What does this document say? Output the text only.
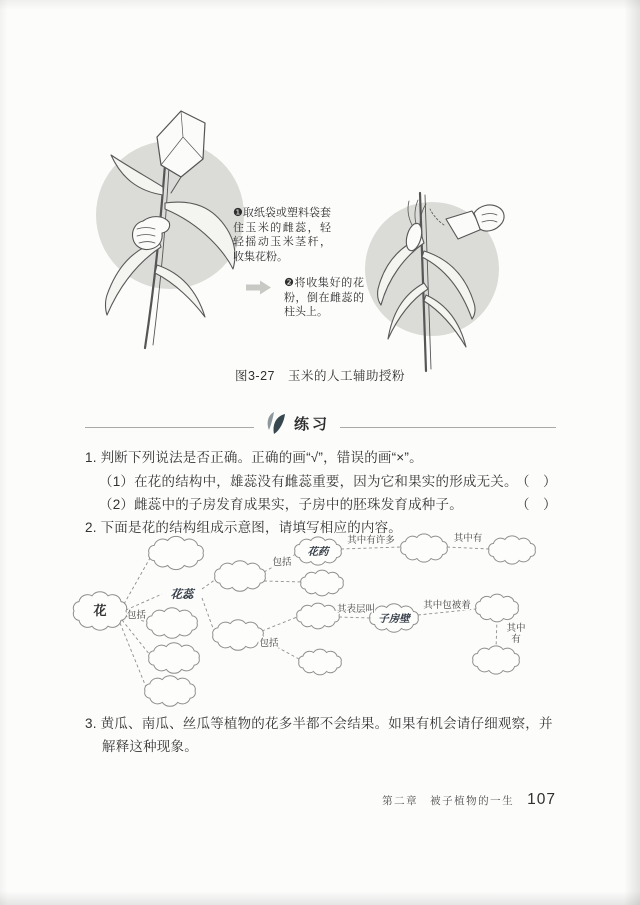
❶取纸袋或塑料袋套住玉米的雌蕊，轻轻摇动玉米茎秆，收集花粉。
❷将收集好的花粉，倒在雌蕊的柱头上。
图3-27　玉米的人工辅助授粉
练习
1. 判断下列说法是否正确。正确的画“√”，错误的画“×”。
（1）在花的结构中，雄蕊没有雌蕊重要，因为它和果实的形成无关。
（　）
（2）雌蕊中的子房发育成果实，子房中的胚珠发育成种子。	（　）
2. 下面是花的结构组成示意图，请填写相应的内容。
花
花药
子房壁
包括
包括
包括
花蕊
其中有许多	其中有
其表层叫	其中包被着
其中有
3. 黄瓜、南瓜、丝瓜等植物的花多半都不会结果。如果有机会请仔细观察，并解释这种现象。
第二章　被子植物的一生 107
